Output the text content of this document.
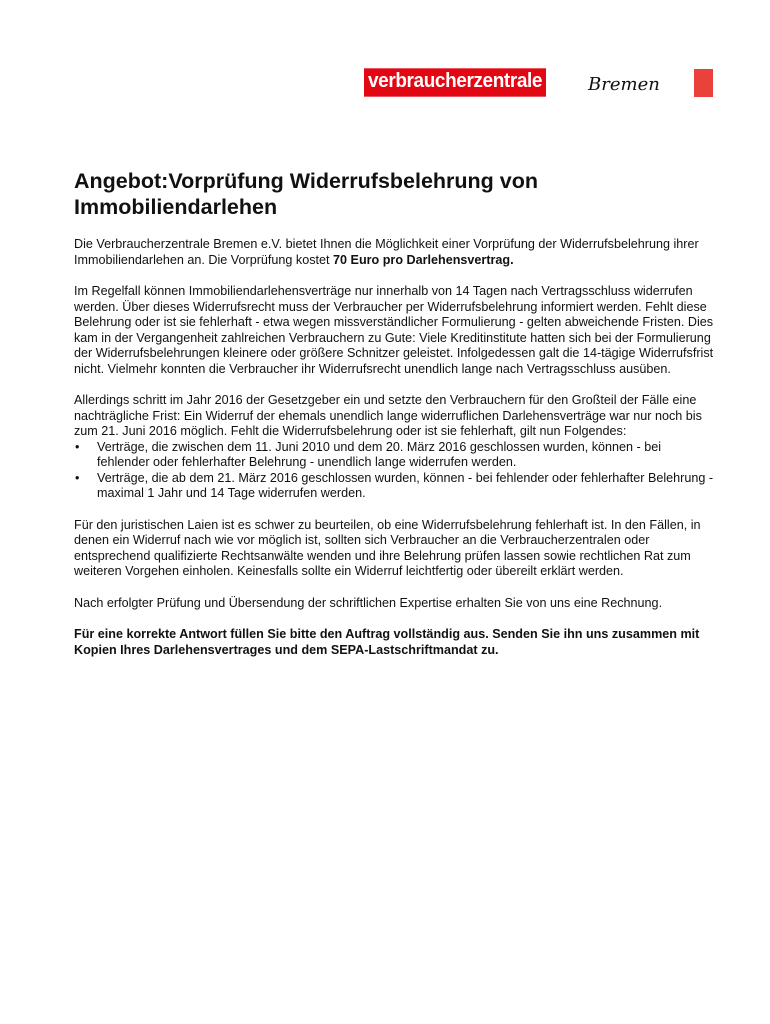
verbraucherzentrale	Bremen
Angebot:Vorprüfung Widerrufsbelehrung von Immobiliendarlehen

Die Verbraucherzentrale Bremen e.V. bietet Ihnen die Möglichkeit einer Vorprüfung der Widerrufsbelehrung ihrer Immobiliendarlehen an. Die Vorprüfung kostet 70 Euro pro Darlehensvertrag.

Im Regelfall können Immobiliendarlehensverträge nur innerhalb von 14 Tagen nach Vertragsschluss widerrufen werden. Über dieses Widerrufsrecht muss der Verbraucher per Widerrufsbelehrung informiert werden. Fehlt diese Belehrung oder ist sie fehlerhaft - etwa wegen missverständlicher Formulierung - gelten abweichende Fristen. Dies kam in der Vergangenheit zahlreichen Verbrauchern zu Gute: Viele Kreditinstitute hatten sich bei der Formulierung der Widerrufsbelehrungen kleinere oder größere Schnitzer geleistet. Infolgedessen galt die 14-tägige Widerrufsfrist nicht. Vielmehr konnten die Verbraucher ihr Widerrufsrecht unendlich lange nach Vertragsschluss ausüben.

Allerdings schritt im Jahr 2016 der Gesetzgeber ein und setzte den Verbrauchern für den Großteil der Fälle eine nachträgliche Frist: Ein Widerruf der ehemals unendlich lange widerruflichen Darlehensverträge war nur noch bis zum 21. Juni 2016 möglich. Fehlt die Widerrufsbelehrung oder ist sie fehlerhaft, gilt nun Folgendes:

• Verträge, die zwischen dem 11. Juni 2010 und dem 20. März 2016 geschlossen wurden, können - bei fehlender oder fehlerhafter Belehrung - unendlich lange widerrufen werden.
• Verträge, die ab dem 21. März 2016 geschlossen wurden, können - bei fehlender oder fehlerhafter Belehrung - maximal 1 Jahr und 14 Tage widerrufen werden.

Für den juristischen Laien ist es schwer zu beurteilen, ob eine Widerrufsbelehrung fehlerhaft ist. In den Fällen, in denen ein Widerruf nach wie vor möglich ist, sollten sich Verbraucher an die Verbraucherzentralen oder entsprechend qualifizierte Rechtsanwälte wenden und ihre Belehrung prüfen lassen sowie rechtlichen Rat zum weiteren Vorgehen einholen. Keinesfalls sollte ein Widerruf leichtfertig oder übereilt erklärt werden.

Nach erfolgter Prüfung und Übersendung der schriftlichen Expertise erhalten Sie von uns eine Rechnung.

Für eine korrekte Antwort füllen Sie bitte den Auftrag vollständig aus. Senden Sie ihn uns zusammen mit Kopien Ihres Darlehensvertrages und dem SEPA-Lastschriftmandat zu.
